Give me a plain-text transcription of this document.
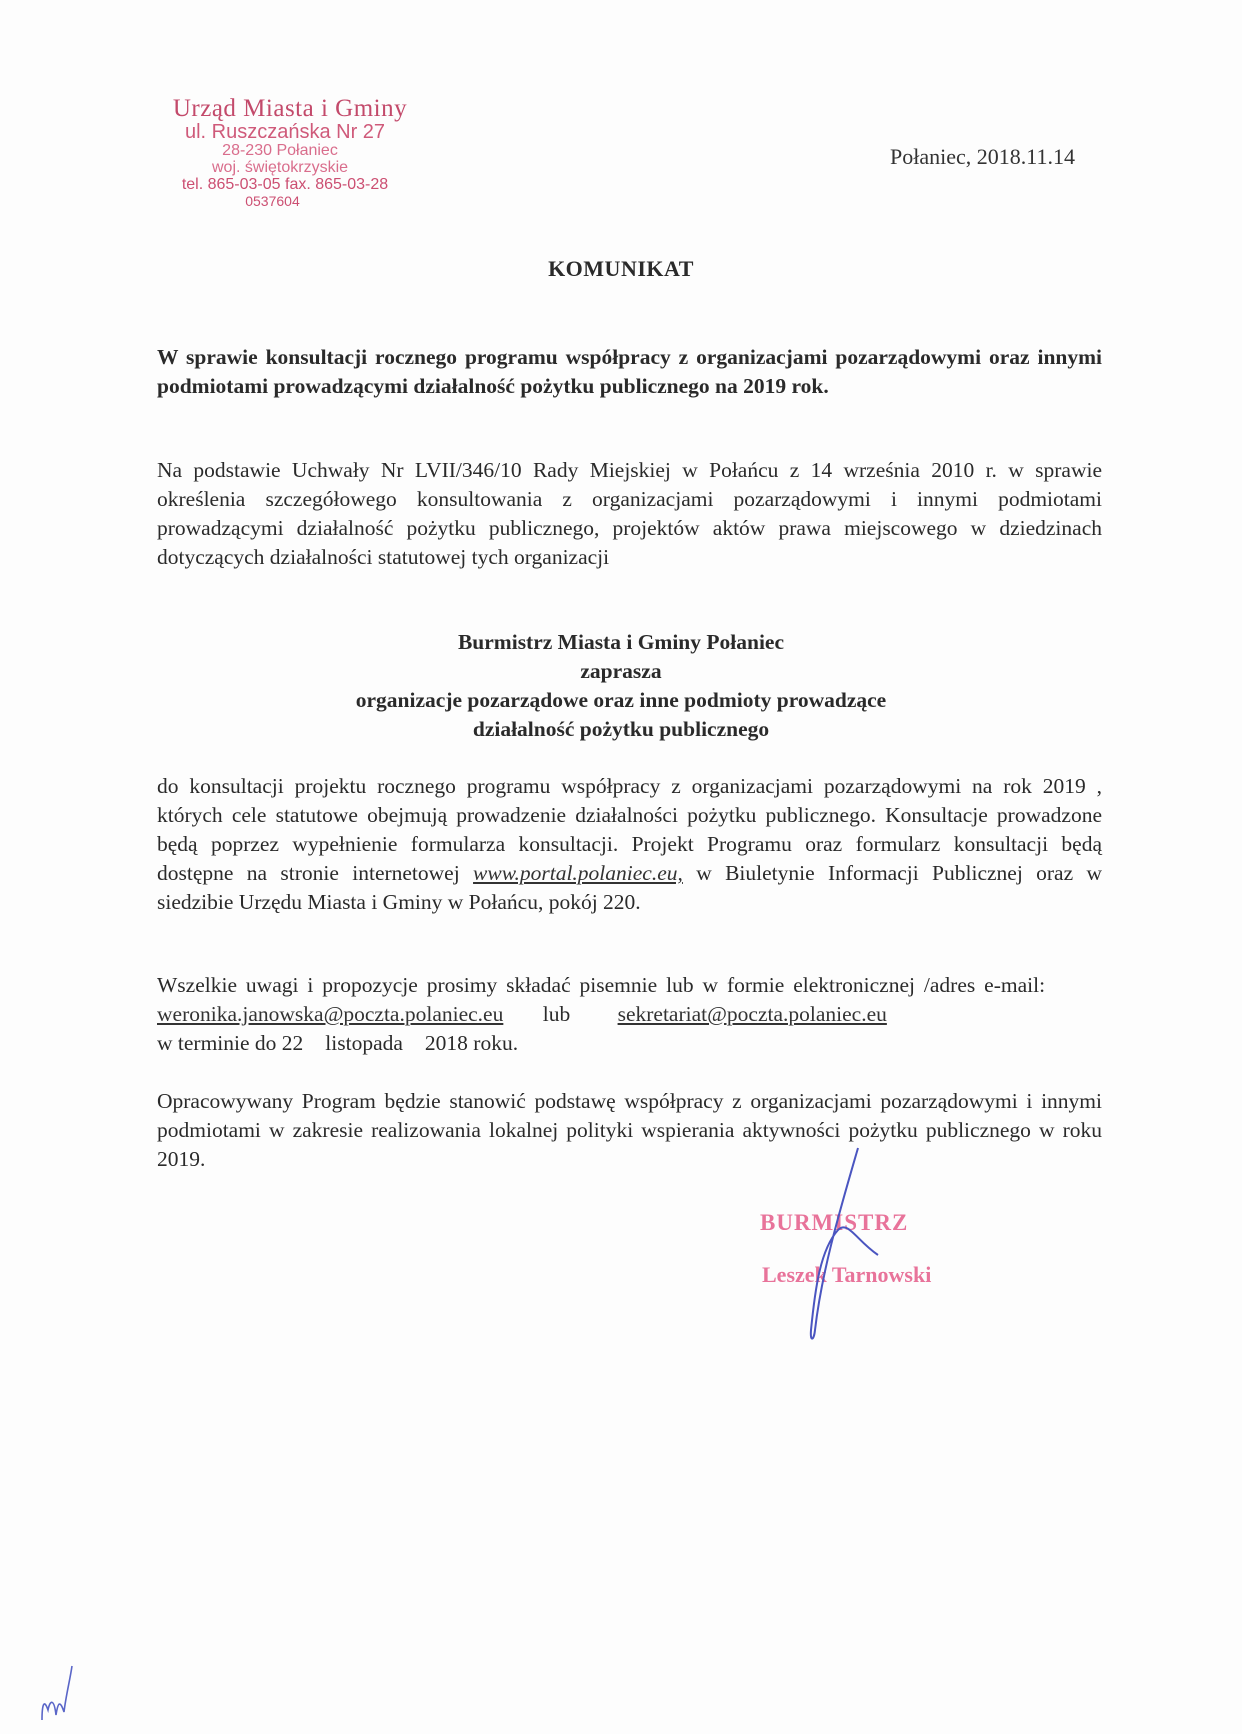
Urząd Miasta i Gminy
ul. Ruszczańska Nr 27
28-230 Połaniec
woj. świętokrzyskie
tel. 865-03-05 fax. 865-03-28
0537604
Połaniec, 2018.11.14
KOMUNIKAT
W sprawie konsultacji rocznego programu współpracy z organizacjami pozarządowymi oraz innymi podmiotami prowadzącymi działalność pożytku publicznego na 2019 rok.
Na podstawie Uchwały Nr LVII/346/10 Rady Miejskiej w Połańcu z 14 września 2010 r. w sprawie określenia szczegółowego konsultowania z organizacjami pozarządowymi i innymi podmiotami prowadzącymi działalność pożytku publicznego, projektów aktów prawa miejscowego w dziedzinach dotyczących działalności statutowej tych organizacji
Burmistrz Miasta i Gminy Połaniec
zaprasza
organizacje pozarządowe oraz inne podmioty prowadzące
działalność pożytku publicznego
do konsultacji projektu rocznego programu współpracy z organizacjami pozarządowymi na rok 2019 , których cele statutowe obejmują prowadzenie działalności pożytku publicznego. Konsultacje prowadzone będą poprzez wypełnienie formularza konsultacji. Projekt Programu oraz formularz konsultacji będą dostępne na stronie internetowej www.portal.polaniec.eu, w Biuletynie Informacji Publicznej oraz w siedzibie Urzędu Miasta i Gminy w Połańcu, pokój 220.
Wszelkie uwagi i propozycje prosimy składać pisemnie lub w formie elektronicznej /adres e-mail: weronika.janowska@poczta.polaniec.eu lub sekretariat@poczta.polaniec.eu
w terminie do 22 listopada 2018 roku.
Opracowywany Program będzie stanowić podstawę współpracy z organizacjami pozarządowymi i innymi podmiotami w zakresie realizowania lokalnej polityki wspierania aktywności pożytku publicznego w roku 2019.
BURMISTRZ
Leszek Tarnowski
